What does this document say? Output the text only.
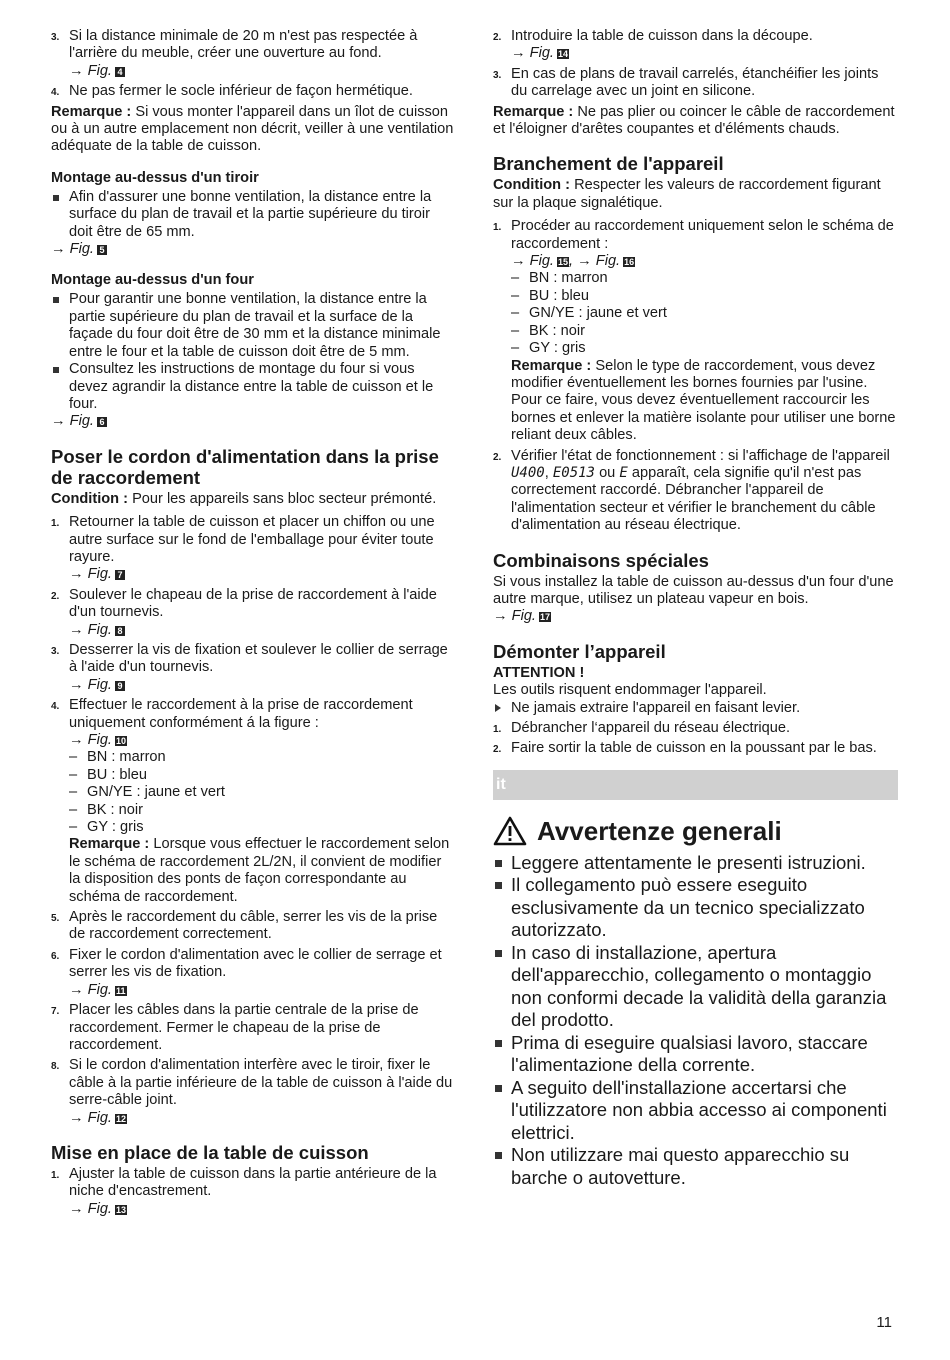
3. Si la distance minimale de 20 m n'est pas respectée à l'arrière du meuble, créer une ouverture au fond.
→ Fig. 4
4. Ne pas fermer le socle inférieur de façon hermétique.

Remarque : Si vous monter l'appareil dans un îlot de cuisson ou à un autre emplacement non décrit, veiller à une ventilation adéquate de la table de cuisson.

Montage au-dessus d'un tiroir
Afin d'assurer une bonne ventilation, la distance entre la surface du plan de travail et la partie supérieure du tiroir doit être de 65 mm.

→ Fig. 5

Montage au-dessus d'un four
Pour garantir une bonne ventilation, la distance entre la partie supérieure du plan de travail et la surface de la façade du four doit être de 30 mm et la distance minimale entre le four et la table de cuisson doit être de 5 mm.
Consultez les instructions de montage du four si vous devez agrandir la distance entre la table de cuisson et le four.

→ Fig. 6

Poser le cordon d'alimentation dans la prise de raccordement

Condition : Pour les appareils sans bloc secteur prémonté.

1. Retourner la table de cuisson et placer un chiffon ou une autre surface sur le fond de l'emballage pour éviter toute rayure.
→ Fig. 7
2. Soulever le chapeau de la prise de raccordement à l'aide d'un tournevis.
→ Fig. 8
3. Desserrer la vis de fixation et soulever le collier de serrage à l'aide d'un tournevis.
→ Fig. 9
4. Effectuer le raccordement à la prise de raccordement uniquement conformément á la figure :
→ Fig. 10
– BN : marron
– BU : bleu
– GN/YE : jaune et vert
– BK : noir
– GY : gris

Remarque : Lorsque vous effectuer le raccordement selon le schéma de raccordement 2L/2N, il convient de modifier la disposition des ponts de façon correspondante au schéma de raccordement.

5. Après le raccordement du câble, serrer les vis de la prise de raccordement correctement.
6. Fixer le cordon d'alimentation avec le collier de serrage et serrer les vis de fixation.
→ Fig. 11
7. Placer les câbles dans la partie centrale de la prise de raccordement. Fermer le chapeau de la prise de raccordement.
8. Si le cordon d'alimentation interfère avec le tiroir, fixer le câble à la partie inférieure de la table de cuisson à l'aide du serre-câble joint.
→ Fig. 12
Mise en place de la table de cuisson
1. Ajuster la table de cuisson dans la partie antérieure de la niche d'encastrement.
→ Fig. 13
2. Introduire la table de cuisson dans la découpe.
→ Fig. 14
3. En cas de plans de travail carrelés, étanchéifier les joints du carrelage avec un joint en silicone.

Remarque : Ne pas plier ou coincer le câble de raccordement et l'éloigner d'arêtes coupantes et d'éléments chauds.

Branchement de l'appareil

Condition : Respecter les valeurs de raccordement figurant sur la plaque signalétique.

1. Procéder au raccordement uniquement selon le schéma de raccordement :
→ Fig. 15, → Fig. 16
– BN : marron
– BU : bleu
– GN/YE : jaune et vert
– BK : noir
– GY : gris

Remarque : Selon le type de raccordement, vous devez modifier éventuellement les bornes fournies par l'usine. Pour ce faire, vous devez éventuellement raccourcir les bornes et enlever la matière isolante pour utiliser une borne reliant deux câbles.

2. Vérifier l'état de fonctionnement : si l'affichage de l'appareil U400, E0513 ou E apparaît, cela signifie qu'il n'est pas correctement raccordé. Débrancher l'appareil de l'alimentation secteur et vérifier le branchement du câble d'alimentation au réseau électrique.
Combinaisons spéciales

Si vous installez la table de cuisson au-dessus d'un four d'une autre marque, utilisez un plateau vapeur en bois.

→ Fig. 17

Démonter l’appareil

ATTENTION !

Les outils risquent endommager l'appareil.

Ne jamais extraire l'appareil en faisant levier.
1. Débrancher l‘appareil du réseau électrique.
2. Faire sortir la table de cuisson en la poussant par le bas.
it
Avvertenze generali
Leggere attentamente le presenti istruzioni.
Il collegamento può essere eseguito esclusivamente da un tecnico specializzato autorizzato.
In caso di installazione, apertura dell'apparecchio, collegamento o montaggio non conformi decade la validità della garanzia del prodotto.
Prima di eseguire qualsiasi lavoro, staccare l'alimentazione della corrente.
A seguito dell'installazione accertarsi che l'utilizzatore non abbia accesso ai componenti elettrici.
Non utilizzare mai questo apparecchio su barche o autovetture.
11
